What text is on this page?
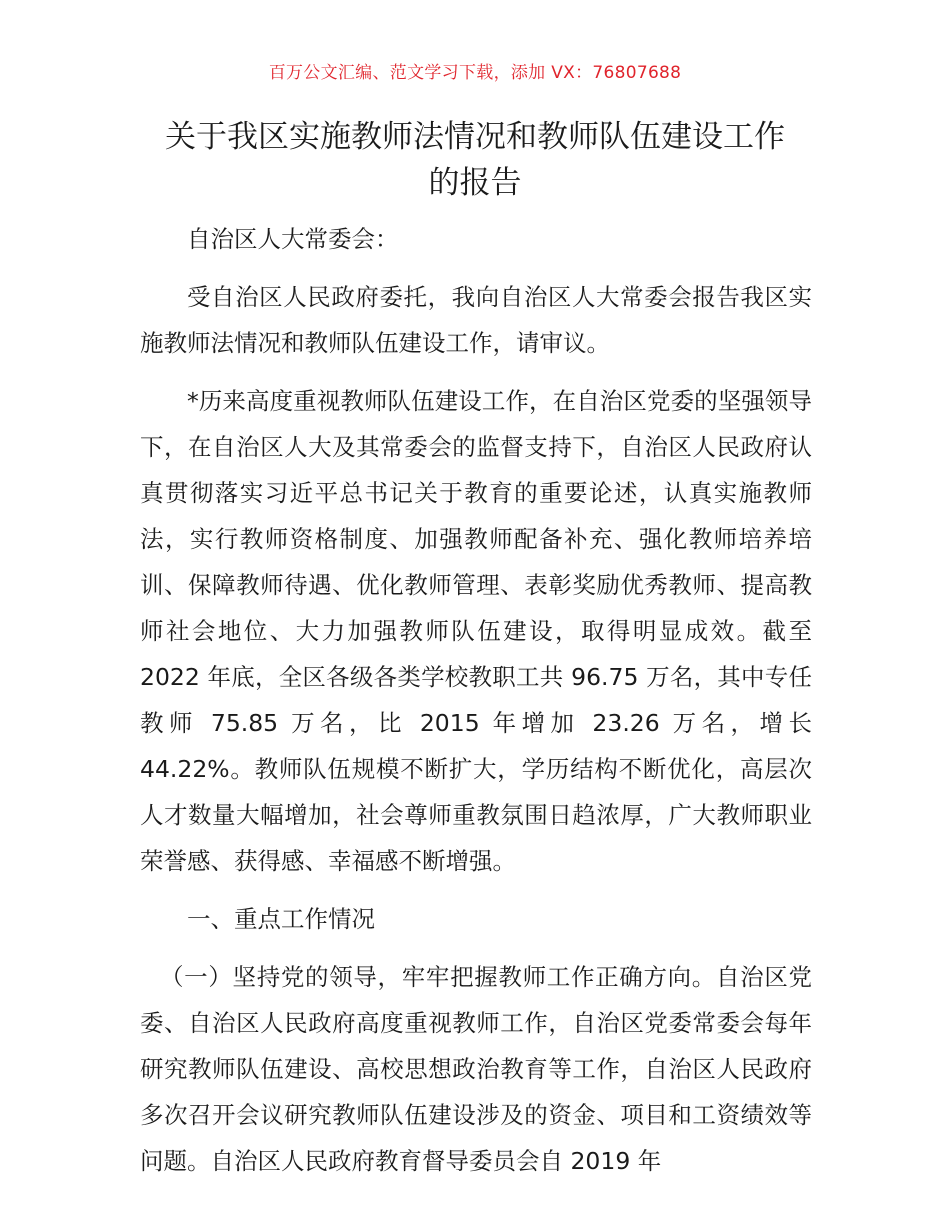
百万公文汇编、范文学习下载，添加 VX：76807688
关于我区实施教师法情况和教师队伍建设工作
的报告

自治区人大常委会：

受自治区人民政府委托，我向自治区人大常委会报告我区实施教师法情况和教师队伍建设工作，请审议。

*历来高度重视教师队伍建设工作，在自治区党委的坚强领导下，在自治区人大及其常委会的监督支持下，自治区人民政府认真贯彻落实习近平总书记关于教育的重要论述，认真实施教师法，实行教师资格制度、加强教师配备补充、强化教师培养培训、保障教师待遇、优化教师管理、表彰奖励优秀教师、提高教师社会地位、大力加强教师队伍建设，取得明显成效。截至 2022 年底，全区各级各类学校教职工共 96.75 万名，其中专任教师 75.85 万名，比 2015 年增加 23.26 万名，增长 44.22%。教师队伍规模不断扩大，学历结构不断优化，高层次人才数量大幅增加，社会尊师重教氛围日趋浓厚，广大教师职业荣誉感、获得感、幸福感不断增强。

一、重点工作情况

（一）坚持党的领导，牢牢把握教师工作正确方向。自治区党委、自治区人民政府高度重视教师工作，自治区党委常委会每年研究教师队伍建设、高校思想政治教育等工作，自治区人民政府多次召开会议研究教师队伍建设涉及的资金、项目和工资绩效等问题。自治区人民政府教育督导委员会自 2019 年
